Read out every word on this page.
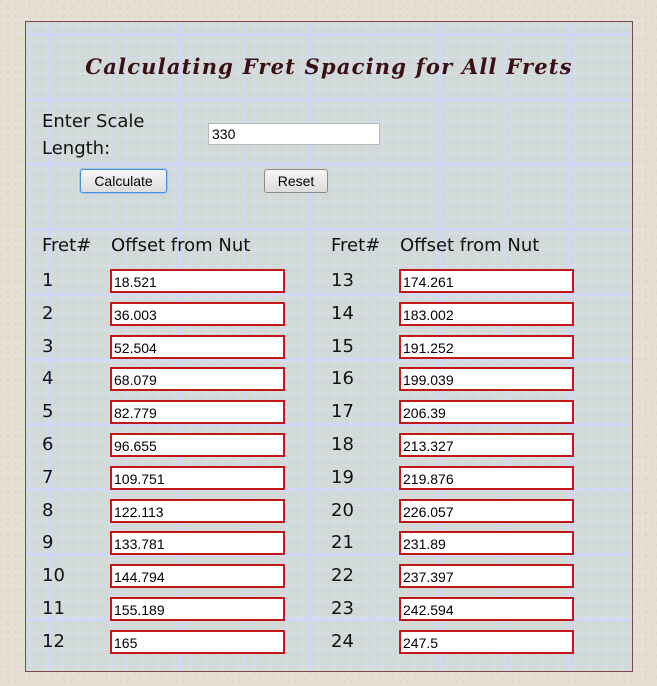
Calculating Fret Spacing for All Frets
Enter Scale Length:
330
Calculate	Reset
Fret# Offset from Nut	Fret# Offset from Nut
1	18.521
2	36.003
3	52.504
4	68.079
5	82.779
6	96.655
7	109.751
8	122.113
9	133.781
10	144.794
11	155.189
12	165
13	174.261
14	183.002
15	191.252
16	199.039
17	206.39
18	213.327
19	219.876
20	226.057
21	231.89
22	237.397
23	242.594
24	247.5
